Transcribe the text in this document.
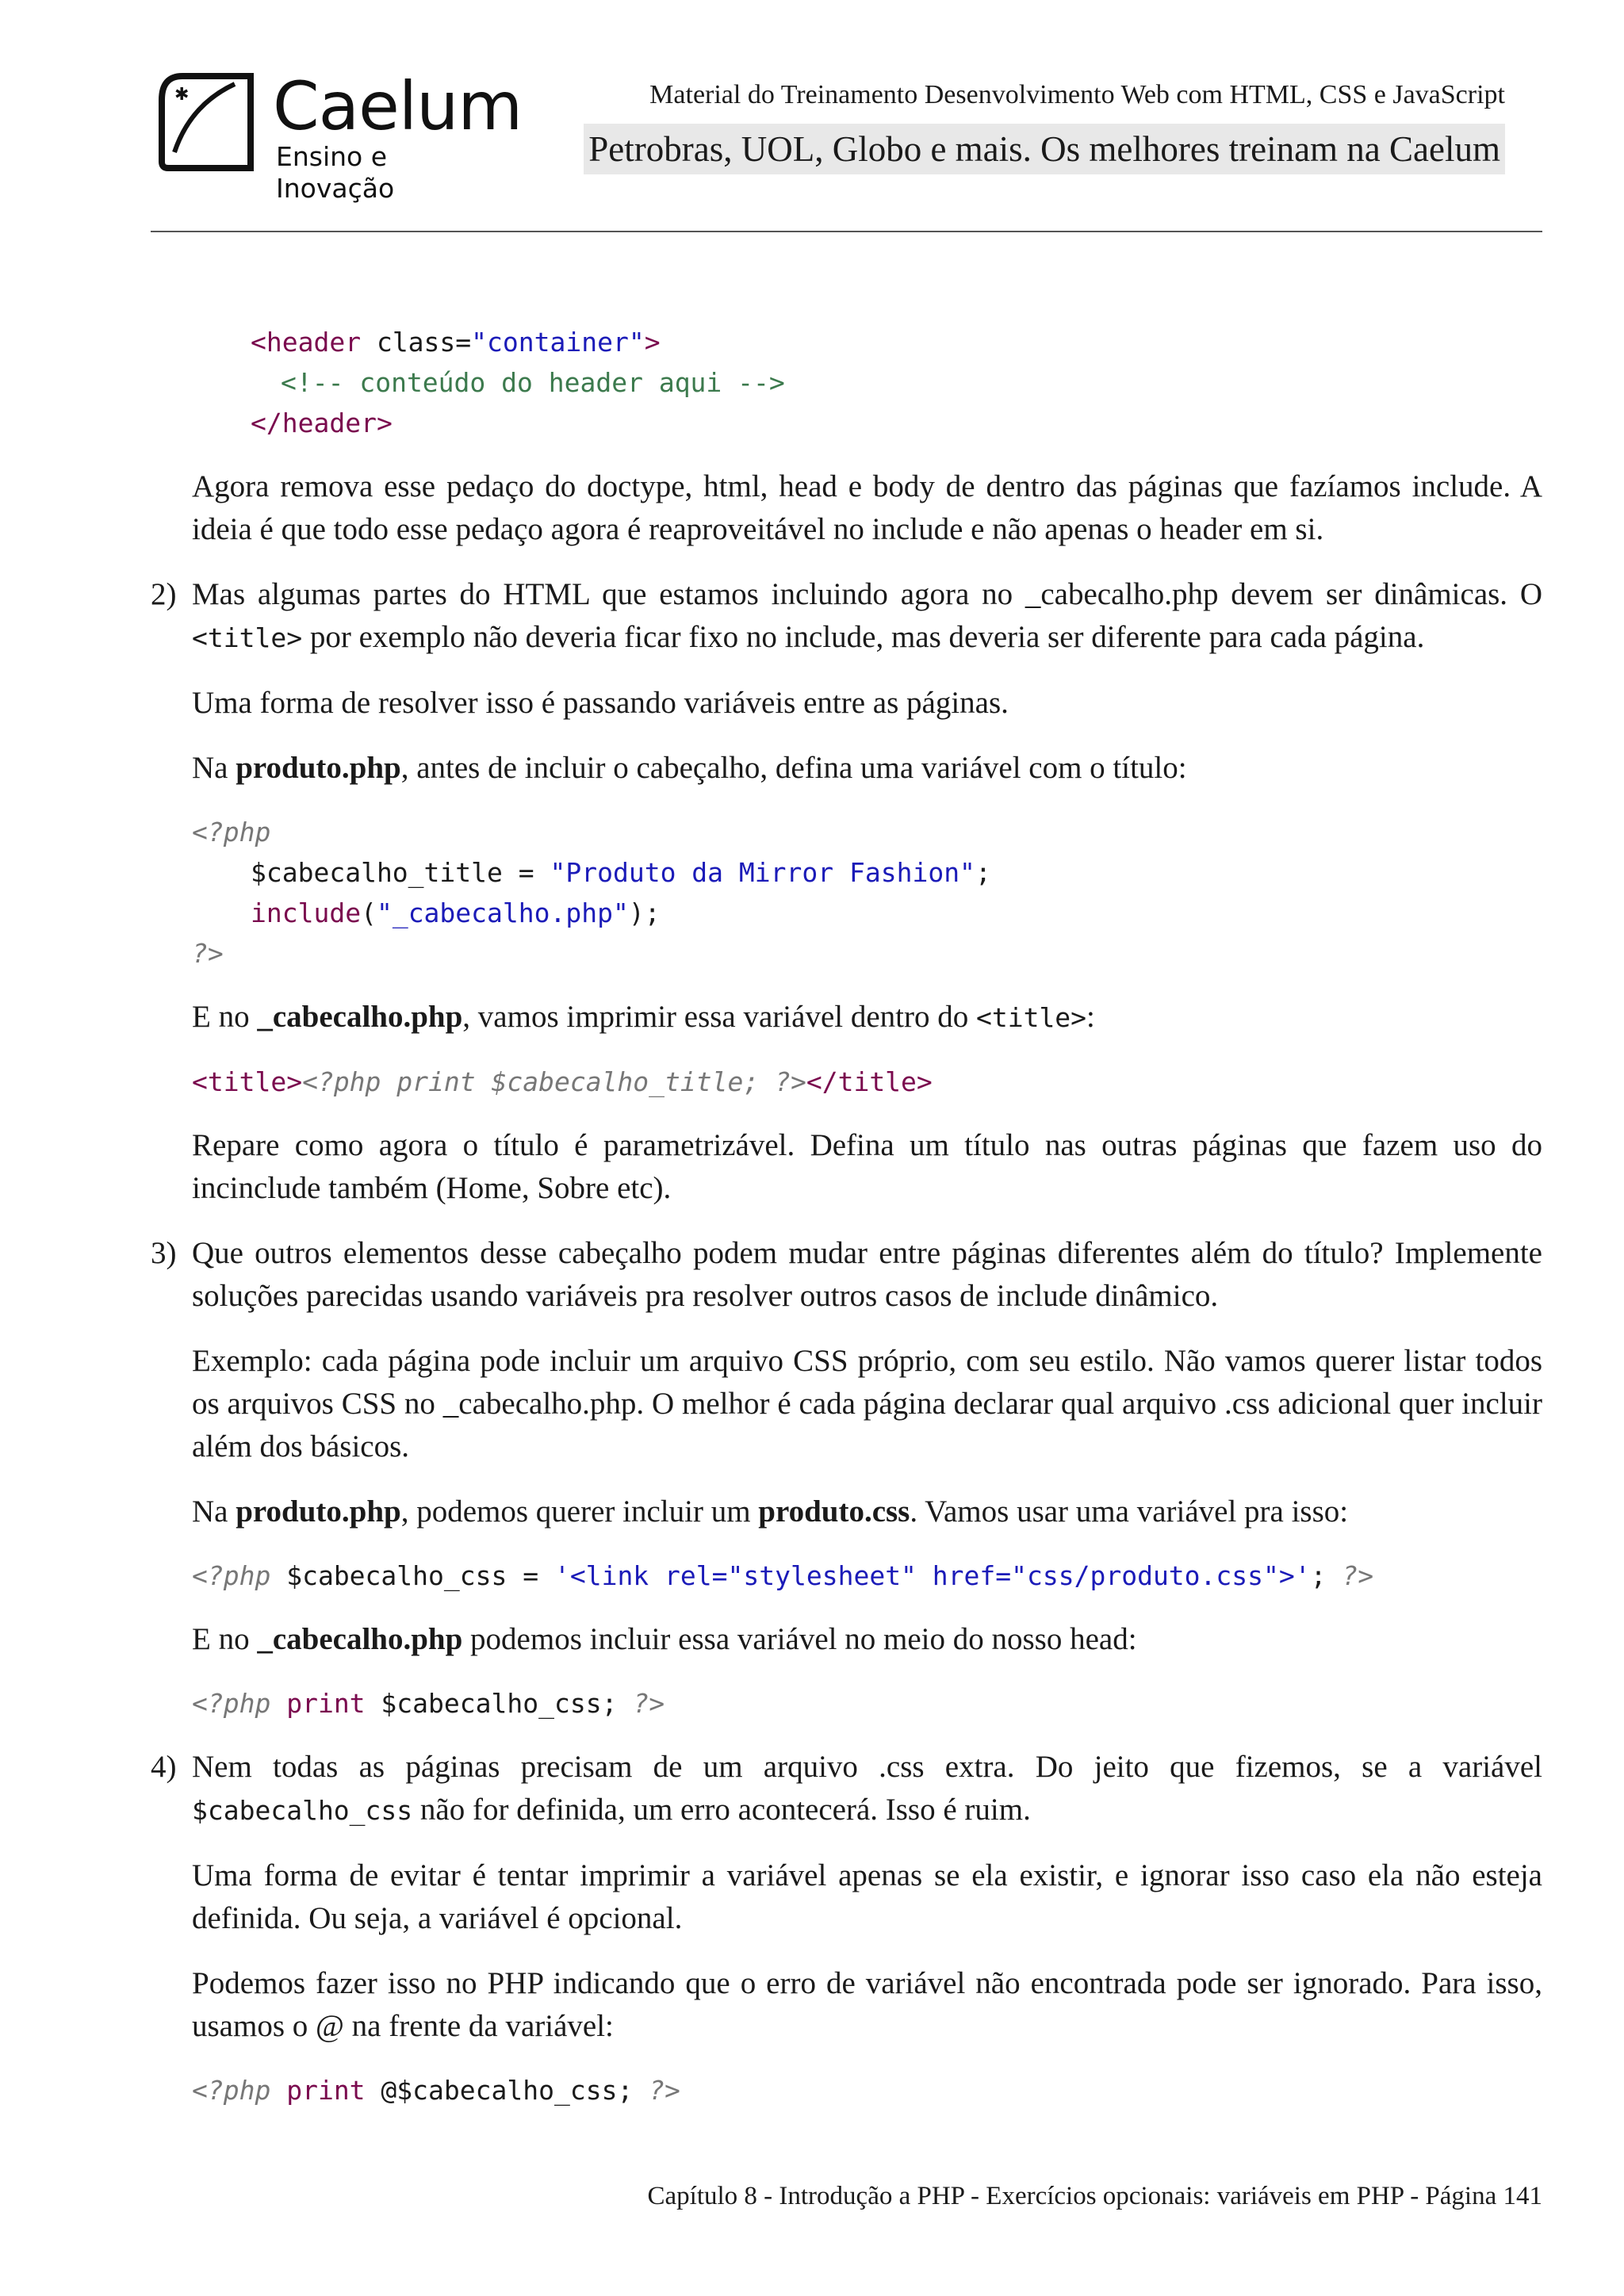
✱ Caelum
Ensino e Inovação
Material do Treinamento Desenvolvimento Web com HTML, CSS e JavaScript
Petrobras, UOL, Globo e mais. Os melhores treinam na Caelum
<header class="container">
<!-- conteúdo do header aqui -->
</header>

Agora remova esse pedaço do doctype, html, head e body de dentro das páginas que fazíamos include. A ideia é que todo esse pedaço agora é reaproveitável no include e não apenas o header em si.

2) Mas algumas partes do HTML que estamos incluindo agora no _cabecalho.php devem ser dinâmicas. O <title> por exemplo não deveria ficar fixo no include, mas deveria ser diferente para cada página.

Uma forma de resolver isso é passando variáveis entre as páginas.

Na produto.php, antes de incluir o cabeçalho, defina uma variável com o título:

<?php
$cabecalho_title = "Produto da Mirror Fashion";
include("_cabecalho.php");
?>

E no _cabecalho.php, vamos imprimir essa variável dentro do <title>:

<title><?php print $cabecalho_title; ?></title>

Repare como agora o título é parametrizável. Defina um título nas outras páginas que fazem uso do incinclude também (Home, Sobre etc).

3) Que outros elementos desse cabeçalho podem mudar entre páginas diferentes além do título? Implemente soluções parecidas usando variáveis pra resolver outros casos de include dinâmico.

Exemplo: cada página pode incluir um arquivo CSS próprio, com seu estilo. Não vamos querer listar todos os arquivos CSS no _cabecalho.php. O melhor é cada página declarar qual arquivo .css adicional quer incluir além dos básicos.

Na produto.php, podemos querer incluir um produto.css. Vamos usar uma variável pra isso:

<?php $cabecalho_css = '<link rel="stylesheet" href="css/produto.css">'; ?>

E no _cabecalho.php podemos incluir essa variável no meio do nosso head:

<?php print $cabecalho_css; ?>
4) Nem todas as páginas precisam de um arquivo .css extra. Do jeito que fizemos, se a variável $cabecalho_css não for definida, um erro acontecerá. Isso é ruim.

Uma forma de evitar é tentar imprimir a variável apenas se ela existir, e ignorar isso caso ela não esteja definida. Ou seja, a variável é opcional.

Podemos fazer isso no PHP indicando que o erro de variável não encontrada pode ser ignorado. Para isso, usamos o @ na frente da variável:

<?php print @$cabecalho_css; ?>
Capítulo 8 - Introdução a PHP - Exercícios opcionais: variáveis em PHP - Página 141
